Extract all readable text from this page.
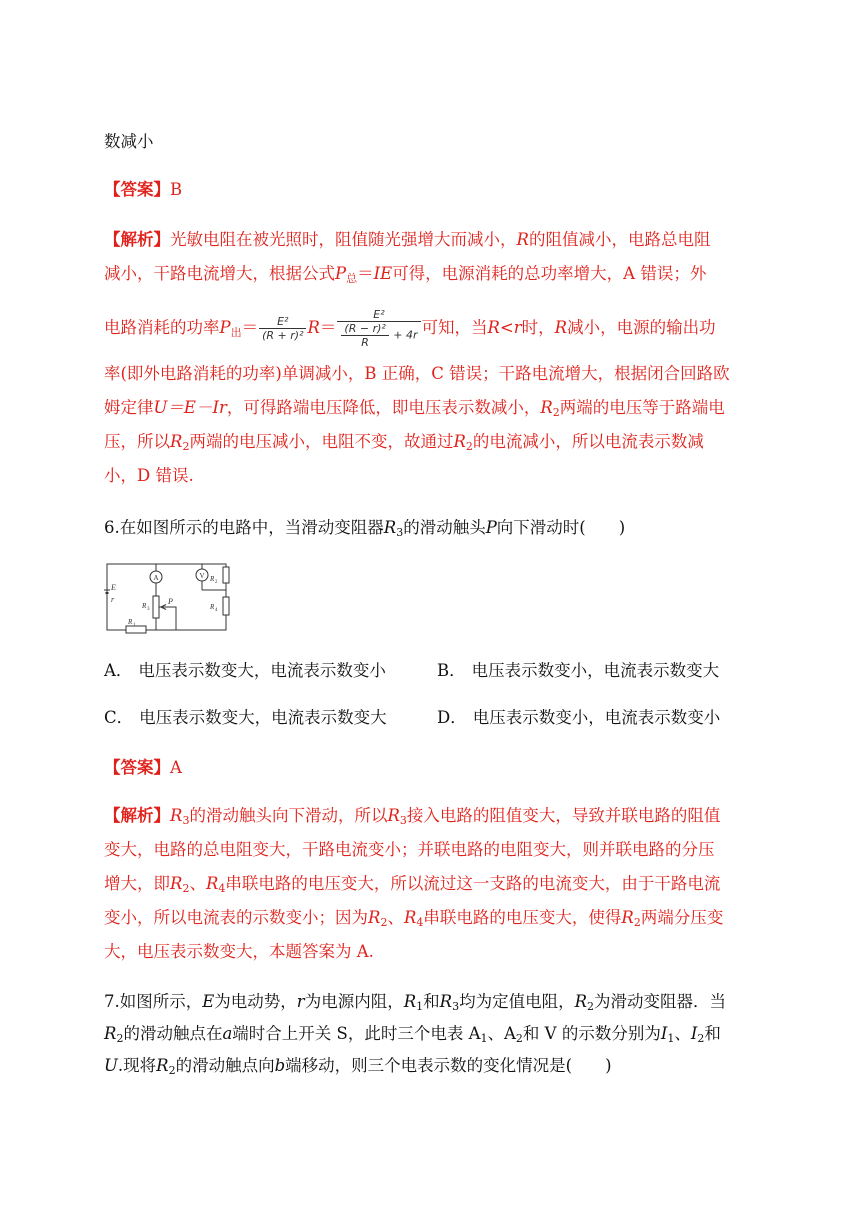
数减小
【答案】B
【解析】光敏电阻在被光照时，阻值随光强增大而减小，R的阻值减小，电路总电阻
减小，干路电流增大，根据公式$P_总=IE$可得，电源消耗的总功率增大，A 错误；外
电路消耗的功率$P_出= \frac{\text{E²}}{\text{(R + r)²}} R= \frac{\text{E²}}{\frac{\text{(R − r)²}}{R} + 4r}$ 可知，当R<r时，R减小，电源的输出功
率(即外电路消耗的功率)单调减小，B 正确，C 错误；干路电流增大，根据闭合回路欧
姆定律U＝E－Ir，可得路端电压降低，即电压表示数减小，$R_2$两端的电压等于路端电
压，所以$R_2$两端的电压减小，电阻不变，故通过$R_2$的电流减小，所以电流表示数减
小，D 错误.
6.在如图所示的电路中，当滑动变阻器$R_3$的滑动触头P向下滑动时(　　)
E
r
A	V
R 3
P
R 1
R 2
R 4
A． 电压表示数变大，电流表示数变小	B． 电压表示数变小，电流表示数变大
C． 电压表示数变大，电流表示数变大	D． 电压表示数变小，电流表示数变小
【答案】A
【解析】$R_3$的滑动触头向下滑动，所以$R_3$接入电路的阻值变大，导致并联电路的阻值
变大，电路的总电阻变大，干路电流变小；并联电路的电阻变大，则并联电路的分压
增大，即$R_2$、$R_4$串联电路的电压变大，所以流过这一支路的电流变大，由于干路电流
变小，所以电流表的示数变小；因为$R_2$、$R_4$串联电路的电压变大，使得$R_2$两端分压变
大，电压表示数变大，本题答案为 A.
7.如图所示，E为电动势，r为电源内阻，$R_1$和$R_3$均为定值电阻，$R_2$为滑动变阻器．当
$R_2$的滑动触点在a端时合上开关 S，此时三个电表 $A_1$、$A_2$和 V 的示数分别为$I_1$、$I_2$和
U.现将$R_2$的滑动触点向b端移动，则三个电表示数的变化情况是(　　)
